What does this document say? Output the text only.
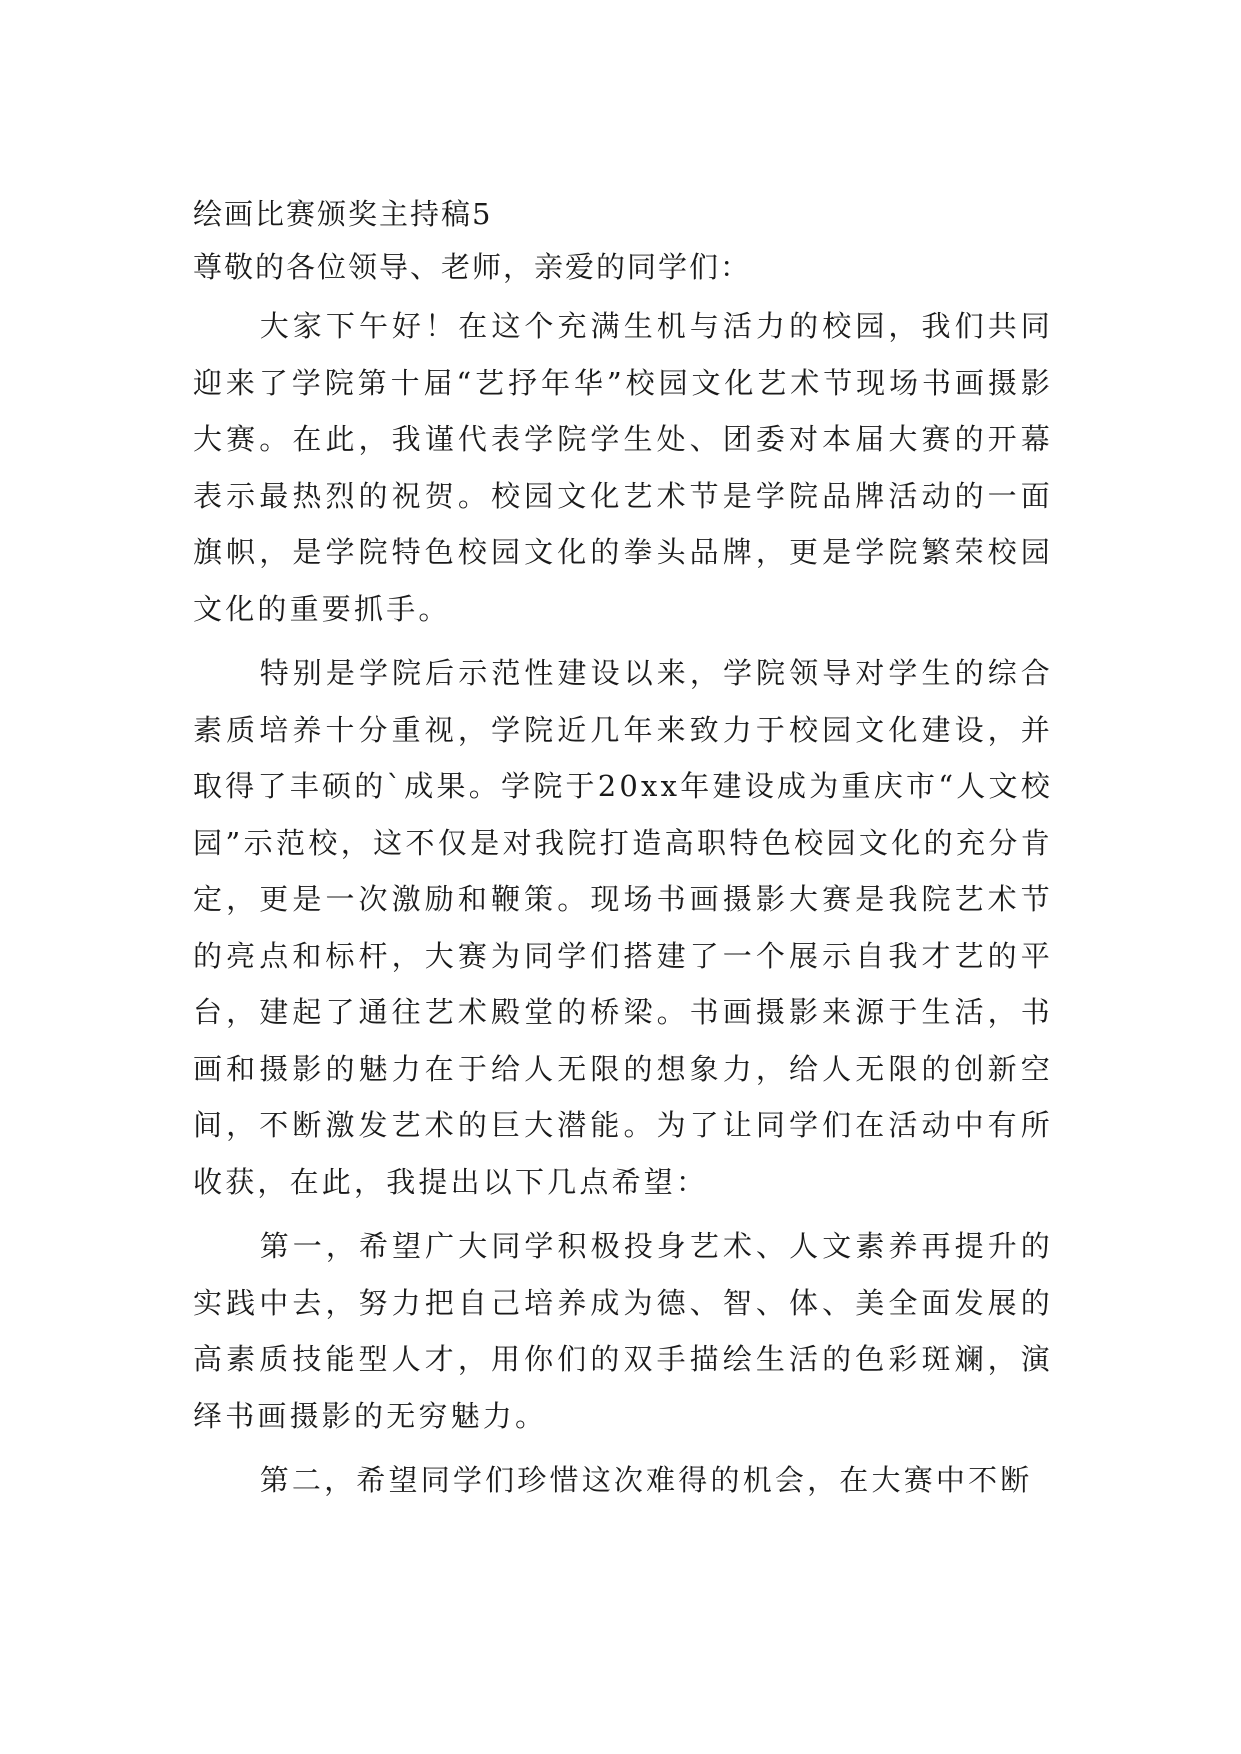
绘画比赛颁奖主持稿5

尊敬的各位领导、老师，亲爱的同学们：

大家下午好！在这个充满生机与活力的校园，我们共同迎来了学院第十届“艺抒年华”校园文化艺术节现场书画摄影大赛。在此，我谨代表学院学生处、团委对本届大赛的开幕表示最热烈的祝贺。校园文化艺术节是学院品牌活动的一面旗帜，是学院特色校园文化的拳头品牌，更是学院繁荣校园文化的重要抓手。

特别是学院后示范性建设以来，学院领导对学生的综合素质培养十分重视，学院近几年来致力于校园文化建设，并取得了丰硕的`成果。学院于20xx年建设成为重庆市“人文校园”示范校，这不仅是对我院打造高职特色校园文化的充分肯定，更是一次激励和鞭策。现场书画摄影大赛是我院艺术节的亮点和标杆，大赛为同学们搭建了一个展示自我才艺的平台，建起了通往艺术殿堂的桥梁。书画摄影来源于生活，书画和摄影的魅力在于给人无限的想象力，给人无限的创新空间，不断激发艺术的巨大潜能。为了让同学们在活动中有所收获，在此，我提出以下几点希望：

第一，希望广大同学积极投身艺术、人文素养再提升的实践中去，努力把自己培养成为德、智、体、美全面发展的高素质技能型人才，用你们的双手描绘生活的色彩斑斓，演绎书画摄影的无穷魅力。

第二，希望同学们珍惜这次难得的机会，在大赛中不断
